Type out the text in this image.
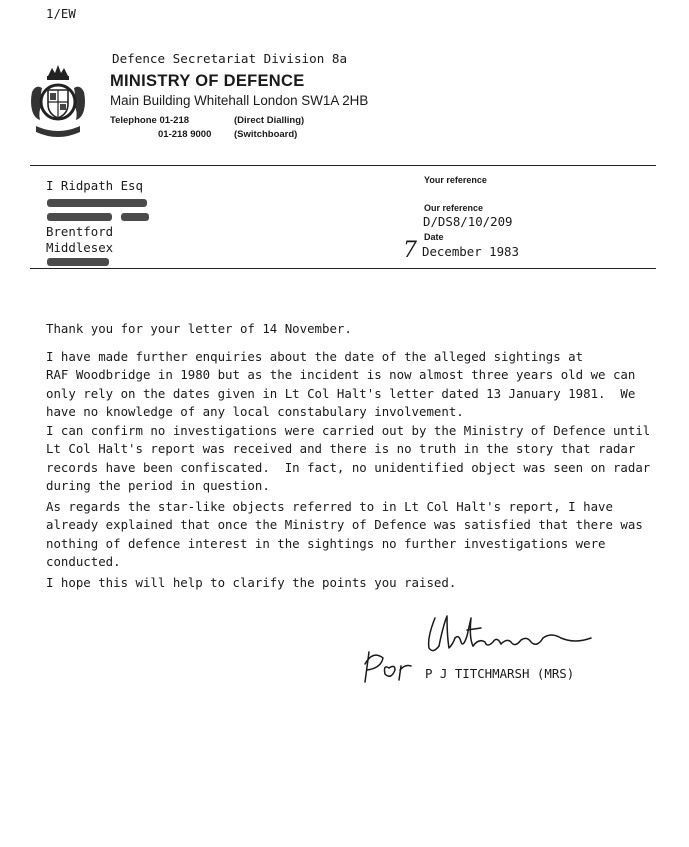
1/EW
Defence Secretariat Division 8a
MINISTRY OF DEFENCE
Main Building Whitehall London SW1A 2HB
Telephone 01-218	(Direct Dialling)
01-218 9000 (Switchboard)
I Ridpath Esq
Brentford
Middlesex
Your reference
Our reference
D/DS8/10/209
Date
7 December 1983
Thank you for your letter of 14 November.
I have made further enquiries about the date of the alleged sightings at
RAF Woodbridge in 1980 but as the incident is now almost three years old we can
only rely on the dates given in Lt Col Halt's letter dated 13 January 1981.  We
have no knowledge of any local constabulary involvement.
I can confirm no investigations were carried out by the Ministry of Defence until
Lt Col Halt's report was received and there is no truth in the story that radar
records have been confiscated.  In fact, no unidentified object was seen on radar
during the period in question.
As regards the star-like objects referred to in Lt Col Halt's report, I have
already explained that once the Ministry of Defence was satisfied that there was
nothing of defence interest in the sightings no further investigations were
conducted.
I hope this will help to clarify the points you raised.
P J TITCHMARSH (MRS)
